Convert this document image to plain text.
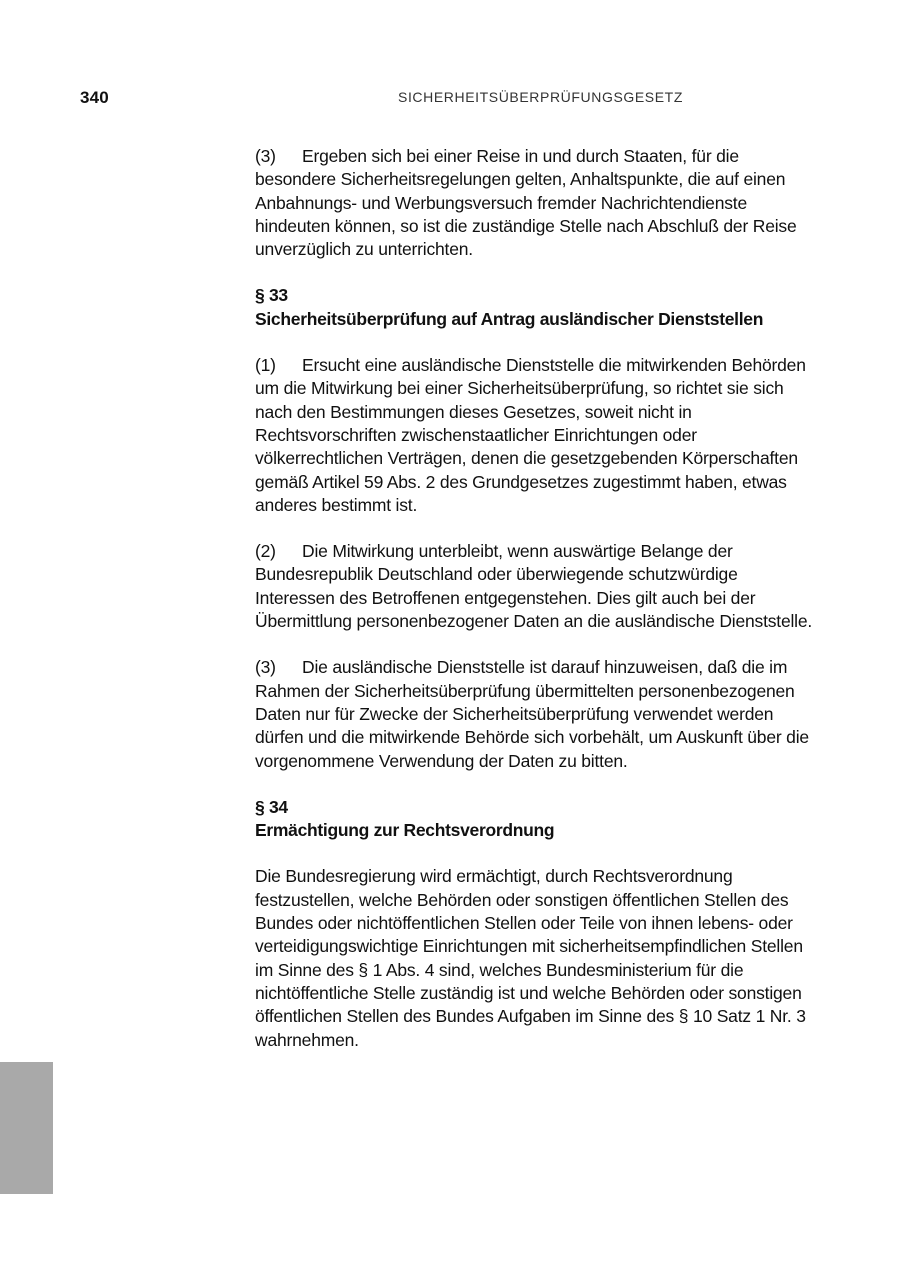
340	SICHERHEITSÜBERPRÜFUNGSGESETZ

(3) Ergeben sich bei einer Reise in und durch Staaten, für die besondere Sicherheitsregelungen gelten, Anhaltspunkte, die auf einen Anbahnungs- und Werbungsversuch fremder Nachrichtendienste hindeuten können, so ist die zuständige Stelle nach Abschluß der Reise unverzüglich zu unterrichten.

§ 33
Sicherheitsüberprüfung auf Antrag ausländischer Dienststellen

(1) Ersucht eine ausländische Dienststelle die mitwirkenden Behörden um die Mitwirkung bei einer Sicherheitsüberprüfung, so richtet sie sich nach den Bestimmungen dieses Gesetzes, soweit nicht in Rechtsvorschriften zwischenstaatlicher Einrichtungen oder völkerrechtlichen Verträgen, denen die gesetzgebenden Körperschaften gemäß Artikel 59 Abs. 2 des Grundgesetzes zugestimmt haben, etwas anderes bestimmt ist.

(2) Die Mitwirkung unterbleibt, wenn auswärtige Belange der Bundesrepublik Deutschland oder überwiegende schutzwürdige Interessen des Betroffenen entgegenstehen. Dies gilt auch bei der Übermittlung personenbezogener Daten an die ausländische Dienststelle.

(3) Die ausländische Dienststelle ist darauf hinzuweisen, daß die im Rahmen der Sicherheitsüberprüfung übermittelten personenbezogenen Daten nur für Zwecke der Sicherheitsüberprüfung verwendet werden dürfen und die mitwirkende Behörde sich vorbehält, um Auskunft über die vorgenommene Verwendung der Daten zu bitten.

§ 34
Ermächtigung zur Rechtsverordnung

Die Bundesregierung wird ermächtigt, durch Rechtsverordnung festzustellen, welche Behörden oder sonstigen öffentlichen Stellen des Bundes oder nichtöffentlichen Stellen oder Teile von ihnen lebens- oder verteidigungswichtige Einrichtungen mit sicherheitsempfindlichen Stellen im Sinne des § 1 Abs. 4 sind, welches Bundesministerium für die nichtöffentliche Stelle zuständig ist und welche Behörden oder sonstigen öffentlichen Stellen des Bundes Aufgaben im Sinne des § 10 Satz 1 Nr. 3 wahrnehmen.
